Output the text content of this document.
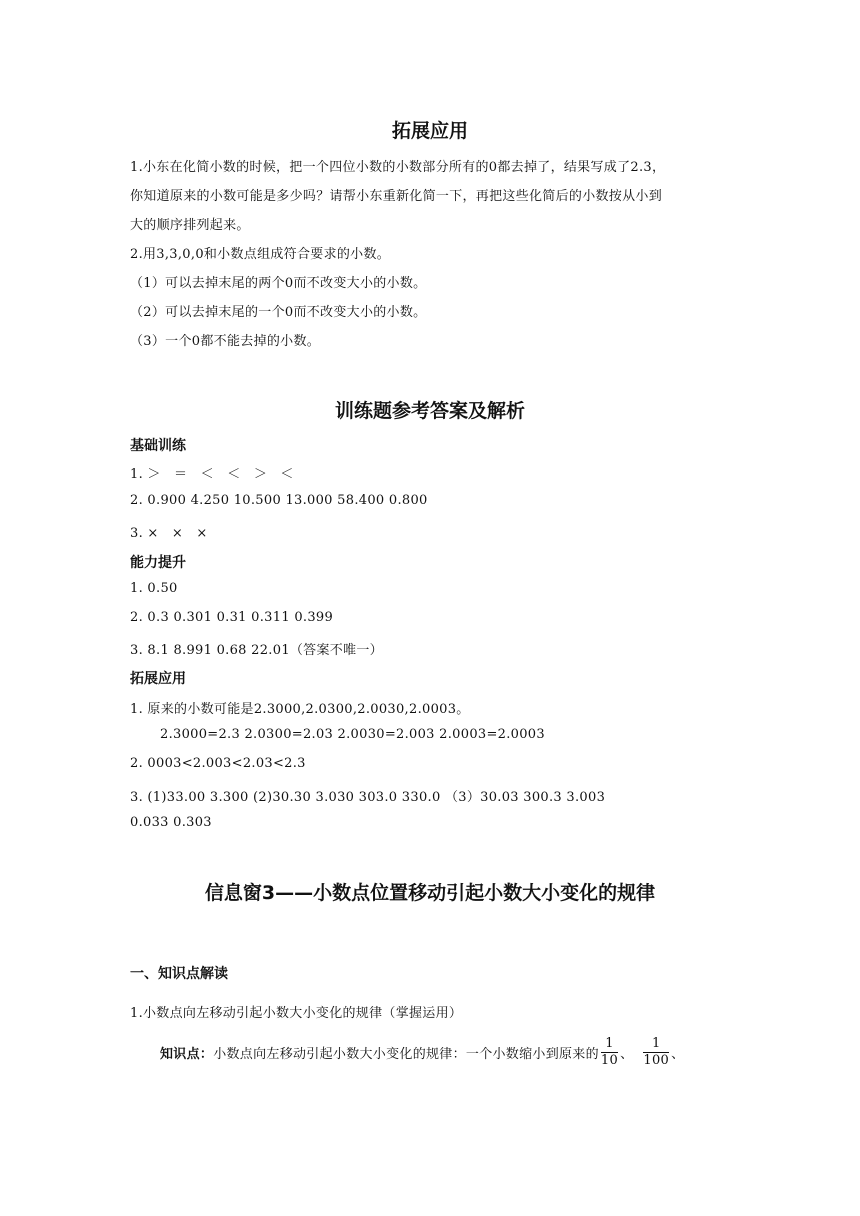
拓展应用
1.小东在化简小数的时候，把一个四位小数的小数部分所有的0都去掉了，结果写成了2.3，
你知道原来的小数可能是多少吗？请帮小东重新化简一下，再把这些化简后的小数按从小到
大的顺序排列起来。
2.用3,3,0,0和小数点组成符合要求的小数。
（1）可以去掉末尾的两个0而不改变大小的小数。
（2）可以去掉末尾的一个0而不改变大小的小数。
（3）一个0都不能去掉的小数。
训练题参考答案及解析
基础训练
1. ＞　＝　＜　＜　＞　＜
2. 0.900 4.250 10.500 13.000 58.400 0.800
3. ×　×　×
能力提升
1. 0.50
2. 0.3 0.301 0.31 0.311 0.399
3. 8.1 8.991 0.68 22.01（答案不唯一）
拓展应用
1. 原来的小数可能是2.3000,2.0300,2.0030,2.0003。
2.3000=2.3 2.0300=2.03 2.0030=2.003 2.0003=2.0003
2. 0003<2.003<2.03<2.3
3. (1)33.00 3.300 (2)30.30 3.030 303.0 330.0 （3）30.03 300.3 3.003
0.033 0.303
信息窗3——小数点位置移动引起小数大小变化的规律
一、知识点解读
1.小数点向左移动引起小数大小变化的规律（掌握运用）
知识点： 小数点向左移动引起小数大小变化的规律：一个小数缩小到原来的 $\frac{1}{10}$ 、 $\frac{1}{100}$ 、
